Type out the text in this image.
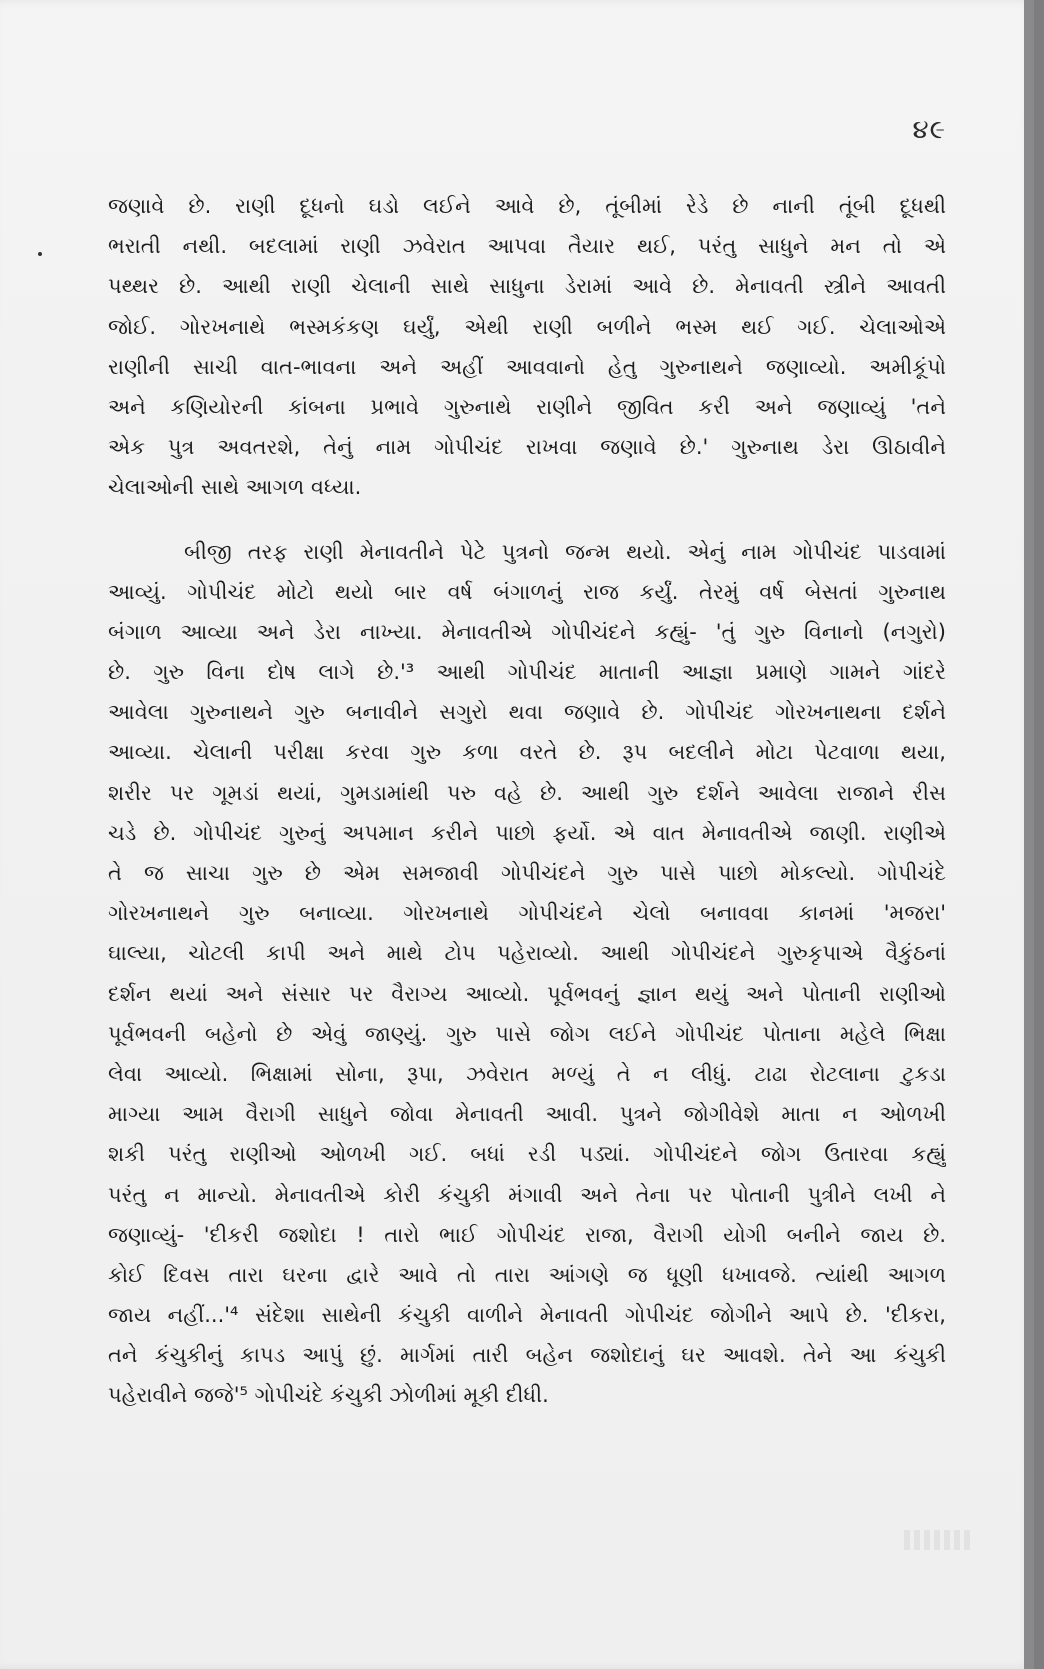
૪૯
જણાવે છે. રાણી દૂધનો ઘડો લઈને આવે છે, તૂંબીમાં રેડે છે નાની તૂંબી દૂધથી
ભરાતી નથી. બદલામાં રાણી ઝવેરાત આપવા તૈયાર થઈ, પરંતુ સાધુને મન તો એ
પથ્થર છે. આથી રાણી ચેલાની સાથે સાધુના ડેરામાં આવે છે. મેનાવતી સ્ત્રીને આવતી
જોઈ. ગોરખનાથે ભસ્મકંકણ ઘર્યું, એથી રાણી બળીને ભસ્મ થઈ ગઈ. ચેલાઓએ
રાણીની સાચી વાત-ભાવના અને અહીં આવવાનો હેતુ ગુરુનાથને જણાવ્યો. અમીકૂંપો
અને કણિયોરની કાંબના પ્રભાવે ગુરુનાથે રાણીને જીવિત કરી અને જણાવ્યું 'તને
એક પુત્ર અવતરશે, તેનું નામ ગોપીચંદ રાખવા જણાવે છે.' ગુરુનાથ ડેરા ઊઠાવીને
ચેલાઓની સાથે આગળ વધ્યા.
બીજી તરફ રાણી મેનાવતીને પેટે પુત્રનો જન્મ થયો. એનું નામ ગોપીચંદ પાડવામાં
આવ્યું. ગોપીચંદ મોટો થયો બાર વર્ષ બંગાળનું રાજ કર્યું. તેરમું વર્ષ બેસતાં ગુરુનાથ
બંગાળ આવ્યા અને ડેરા નાખ્યા. મેનાવતીએ ગોપીચંદને કહ્યું- 'તું ગુરુ વિનાનો (નગુરો)
છે. ગુરુ વિના દોષ લાગે છે.'³ આથી ગોપીચંદ માતાની આજ્ઞા પ્રમાણે ગામને ગાંદરે
આવેલા ગુરુનાથને ગુરુ બનાવીને સગુરો થવા જણાવે છે. ગોપીચંદ ગોરખનાથના દર્શને
આવ્યા. ચેલાની પરીક્ષા કરવા ગુરુ કળા વરતે છે. રૂપ બદલીને મોટા પેટવાળા થયા,
શરીર પર ગૂમડાં થયાં, ગુમડામાંથી પરુ વહે છે. આથી ગુરુ દર્શને આવેલા રાજાને રીસ
ચડે છે. ગોપીચંદ ગુરુનું અપમાન કરીને પાછો ફર્યો. એ વાત મેનાવતીએ જાણી. રાણીએ
તે જ સાચા ગુરુ છે એમ સમજાવી ગોપીચંદને ગુરુ પાસે પાછો મોકલ્યો. ગોપીચંદે
ગોરખનાથને ગુરુ બનાવ્યા. ગોરખનાથે ગોપીચંદને ચેલો બનાવવા કાનમાં 'મજરા'
ઘાલ્યા, ચોટલી કાપી અને માથે ટોપ પહેરાવ્યો. આથી ગોપીચંદને ગુરુકૃપાએ વૈકુંઠનાં
દર્શન થયાં અને સંસાર પર વૈરાગ્ય આવ્યો. પૂર્વભવનું જ્ઞાન થયું અને પોતાની રાણીઓ
પૂર્વભવની બહેનો છે એવું જાણ્યું. ગુરુ પાસે જોગ લઈને ગોપીચંદ પોતાના મહેલે ભિક્ષા
લેવા આવ્યો. ભિક્ષામાં સોના, રૂપા, ઝવેરાત મળ્યું તે ન લીધું. ટાઢા રોટલાના ટુકડા
માગ્યા આમ વૈરાગી સાધુને જોવા મેનાવતી આવી. પુત્રને જોગીવેશે માતા ન ઓળખી
શકી પરંતુ રાણીઓ ઓળખી ગઈ. બધાં રડી પડ્યાં. ગોપીચંદને જોગ ઉતારવા કહ્યું
પરંતુ ન માન્યો. મેનાવતીએ કોરી કંચુકી મંગાવી અને તેના પર પોતાની પુત્રીને લખી ને
જણાવ્યું- 'દીકરી જશોદા ! તારો ભાઈ ગોપીચંદ રાજા, વૈરાગી યોગી બનીને જાય છે.
કોઈ દિવસ તારા ઘરના દ્વારે આવે તો તારા આંગણે જ ધૂણી ધખાવજે. ત્યાંથી આગળ
જાય નહીં...'⁴ સંદેશા સાથેની કંચુકી વાળીને મેનાવતી ગોપીચંદ જોગીને આપે છે. 'દીકરા,
તને કંચુકીનું કાપડ આપું છું. માર્ગમાં તારી બહેન જશોદાનું ઘર આવશે. તેને આ કંચુકી
પહેરાવીને જજે'⁵ ગોપીચંદે કંચુકી ઝોળીમાં મૂકી દીધી.
